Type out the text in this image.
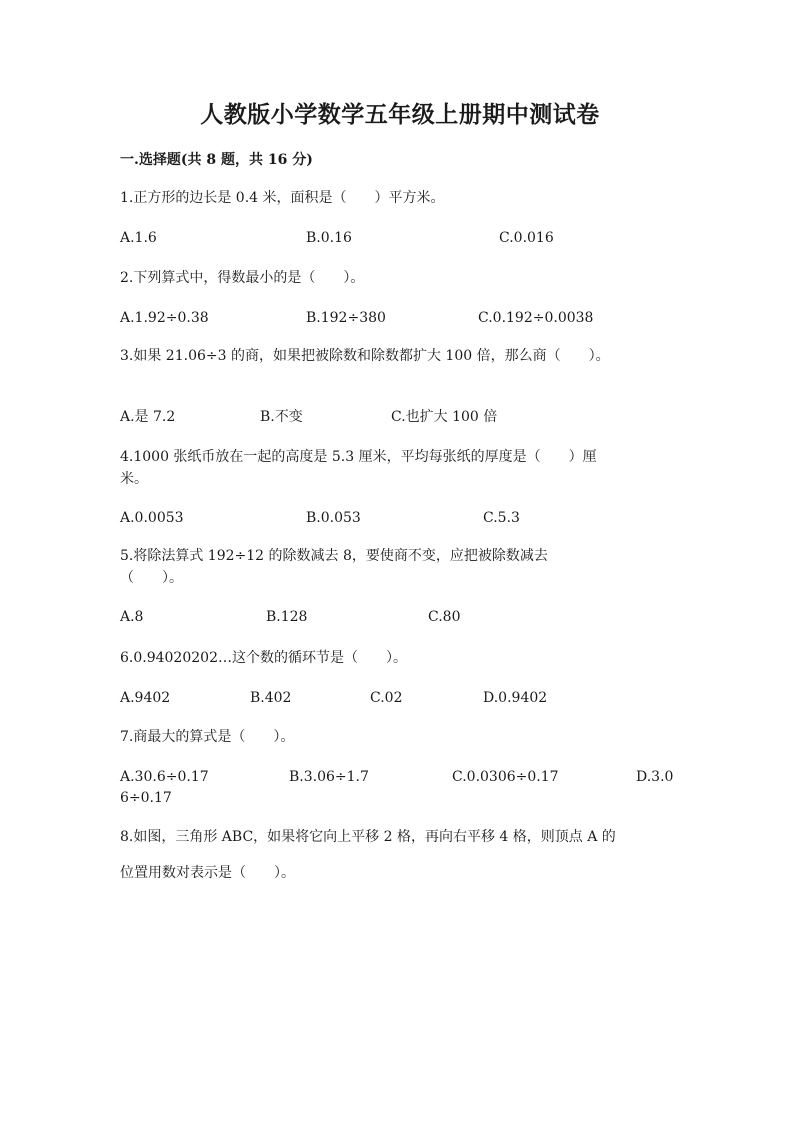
人教版小学数学五年级上册期中测试卷
一.选择题(共 8 题，共 16 分)
1.正方形的边长是 0.4 米，面积是（　　）平方米。
A.1.6	B.0.16	C.0.016
2.下列算式中，得数最小的是（　　）。
A.1.92÷0.38	B.192÷380	C.0.192÷0.0038
3.如果 21.06÷3 的商，如果把被除数和除数都扩大 100 倍，那么商（　　）。
A.是 7.2	B.不变	C.也扩大 100 倍
4.1000 张纸币放在一起的高度是 5.3 厘米，平均每张纸的厚度是（　　）厘
米。
A.0.0053	B.0.053	C.5.3
5.将除法算式 192÷12 的除数减去 8，要使商不变，应把被除数减去
（　　）。
A.8	B.128	C.80
6.0.94020202…这个数的循环节是（　　）。
A.9402	B.402	C.02	D.0.9402
7.商最大的算式是（　　）。
A.30.6÷0.17	B.3.06÷1.7	C.0.0306÷0.17	D.3.0
6÷0.17
8.如图，三角形 ABC，如果将它向上平移 2 格，再向右平移 4 格，则顶点 A 的
位置用数对表示是（　　）。
